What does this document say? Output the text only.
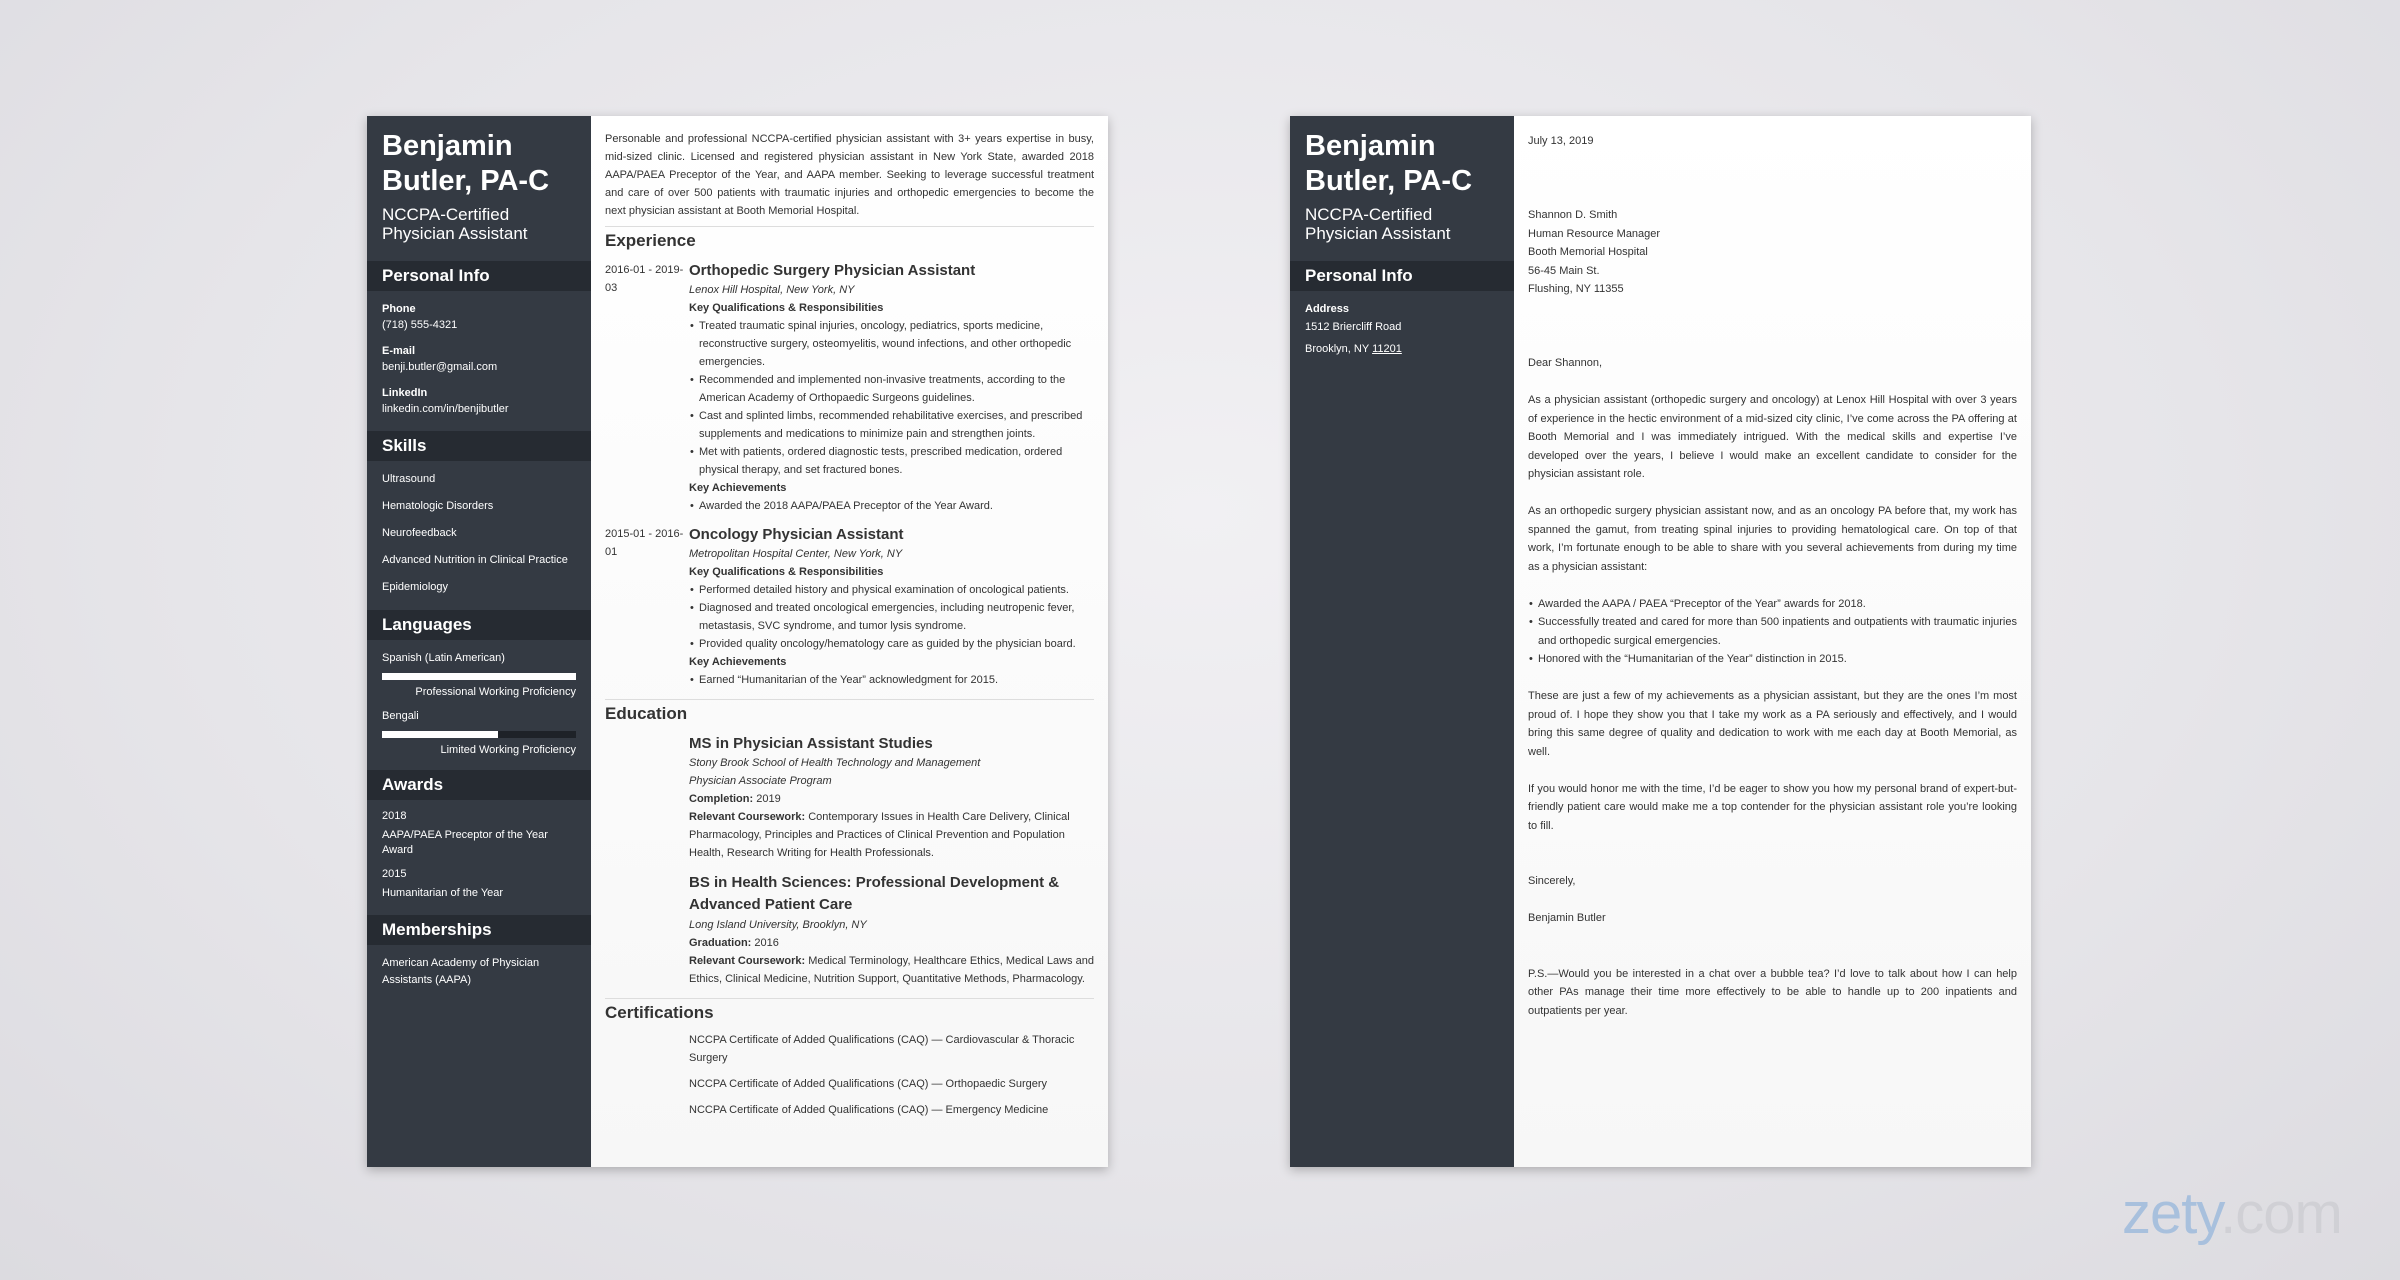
Benjamin
Butler, PA-C
NCCPA-Certified
Physician Assistant
Personal Info
Phone
(718) 555-4321
E-mail
benji.butler@gmail.com
LinkedIn
linkedin.com/in/benjibutler
Skills
Ultrasound
Hematologic Disorders
Neurofeedback
Advanced Nutrition in Clinical Practice
Epidemiology
Languages
Spanish (Latin American)
Professional Working Proficiency
Bengali
Limited Working Proficiency
Awards
2018
AAPA/PAEA Preceptor of the Year Award
2015
Humanitarian of the Year
Memberships
American Academy of Physician Assistants (AAPA)
Personable and professional NCCPA-certified physician assistant with 3+ years expertise in busy, mid-sized clinic. Licensed and registered physician assistant in New York State, awarded 2018 AAPA/PAEA Preceptor of the Year, and AAPA member. Seeking to leverage successful treatment and care of over 500 patients with traumatic injuries and orthopedic emergencies to become the next physician assistant at Booth Memorial Hospital.
Experience
2016-01 - 2019-03
Orthopedic Surgery Physician Assistant
Lenox Hill Hospital, New York, NY
Key Qualifications & Responsibilities
• Treated traumatic spinal injuries, oncology, pediatrics, sports medicine, reconstructive surgery, osteomyelitis, wound infections, and other orthopedic emergencies.
• Recommended and implemented non-invasive treatments, according to the American Academy of Orthopaedic Surgeons guidelines.
• Cast and splinted limbs, recommended rehabilitative exercises, and prescribed supplements and medications to minimize pain and strengthen joints.
• Met with patients, ordered diagnostic tests, prescribed medication, ordered physical therapy, and set fractured bones.
Key Achievements
• Awarded the 2018 AAPA/PAEA Preceptor of the Year Award.
2015-01 - 2016-01
Oncology Physician Assistant
Metropolitan Hospital Center, New York, NY
Key Qualifications & Responsibilities
• Performed detailed history and physical examination of oncological patients.
• Diagnosed and treated oncological emergencies, including neutropenic fever, metastasis, SVC syndrome, and tumor lysis syndrome.
• Provided quality oncology/hematology care as guided by the physician board.
Key Achievements
• Earned “Humanitarian of the Year” acknowledgment for 2015.
Education
MS in Physician Assistant Studies
Stony Brook School of Health Technology and Management
Physician Associate Program
Completion: 2019
Relevant Coursework: Contemporary Issues in Health Care Delivery, Clinical Pharmacology, Principles and Practices of Clinical Prevention and Population Health, Research Writing for Health Professionals.
BS in Health Sciences: Professional Development & Advanced Patient Care
Long Island University, Brooklyn, NY
Graduation: 2016
Relevant Coursework: Medical Terminology, Healthcare Ethics, Medical Laws and Ethics, Clinical Medicine, Nutrition Support, Quantitative Methods, Pharmacology.
Certifications
NCCPA Certificate of Added Qualifications (CAQ) — Cardiovascular & Thoracic Surgery
NCCPA Certificate of Added Qualifications (CAQ) — Orthopaedic Surgery
NCCPA Certificate of Added Qualifications (CAQ) — Emergency Medicine
Benjamin
Butler, PA-C
NCCPA-Certified
Physician Assistant
Personal Info
Address
1512 Briercliff Road
Brooklyn, NY 11201

July 13, 2019

Shannon D. Smith

Human Resource Manager

Booth Memorial Hospital

56-45 Main St.

Flushing, NY 11355

Dear Shannon,

As a physician assistant (orthopedic surgery and oncology) at Lenox Hill Hospital with over 3 years of experience in the hectic environment of a mid-sized city clinic, I’ve come across the PA offering at Booth Memorial and I was immediately intrigued. With the medical skills and expertise I’ve developed over the years, I believe I would make an excellent candidate to consider for the physician assistant role.

As an orthopedic surgery physician assistant now, and as an oncology PA before that, my work has spanned the gamut, from treating spinal injuries to providing hematological care. On top of that work, I’m fortunate enough to be able to share with you several achievements from during my time as a physician assistant:

• Awarded the AAPA / PAEA “Preceptor of the Year” awards for 2018.
• Successfully treated and cared for more than 500 inpatients and outpatients with traumatic injuries and orthopedic surgical emergencies.
• Honored with the “Humanitarian of the Year” distinction in 2015.

These are just a few of my achievements as a physician assistant, but they are the ones I’m most proud of. I hope they show you that I take my work as a PA seriously and effectively, and I would bring this same degree of quality and dedication to work with me each day at Booth Memorial, as well.

If you would honor me with the time, I’d be eager to show you how my personal brand of expert-but-friendly patient care would make me a top contender for the physician assistant role you’re looking to fill.

Sincerely,

Benjamin Butler

P.S.—Would you be interested in a chat over a bubble tea? I’d love to talk about how I can help other PAs manage their time more effectively to be able to handle up to 200 inpatients and outpatients per year.

zety.com
